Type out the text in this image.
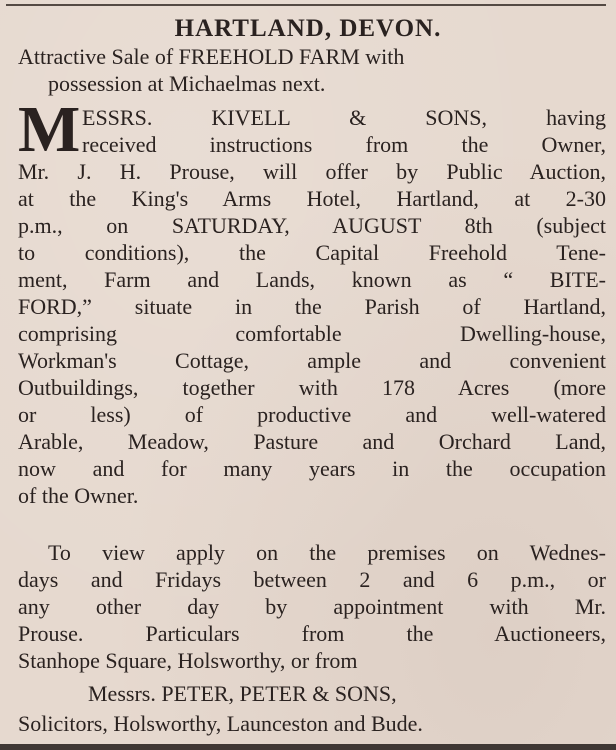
HARTLAND, DEVON.
Attractive Sale of FREEHOLD FARM with
possession at Michaelmas next.
M ESSRS. KIVELL & SONS, having
received instructions from the Owner,
Mr. J. H. Prouse, will offer by Public Auction,
at the King's Arms Hotel, Hartland, at 2-30
p.m., on SATURDAY, AUGUST 8th (subject
to conditions), the Capital Freehold Tene-
ment, Farm and Lands, known as “ BITE-
FORD,” situate in the Parish of Hartland,
comprising comfortable Dwelling-house,
Workman's Cottage, ample and convenient
Outbuildings, together with 178 Acres (more
or less) of productive and well-watered
Arable, Meadow, Pasture and Orchard Land,
now and for many years in the occupation
of the Owner.
To view apply on the premises on Wednes-
days and Fridays between 2 and 6 p.m., or
any other day by appointment with Mr.
Prouse. Particulars from the Auctioneers,
Stanhope Square, Holsworthy, or from
Messrs. PETER, PETER & SONS,
Solicitors, Holsworthy, Launceston and Bude.
